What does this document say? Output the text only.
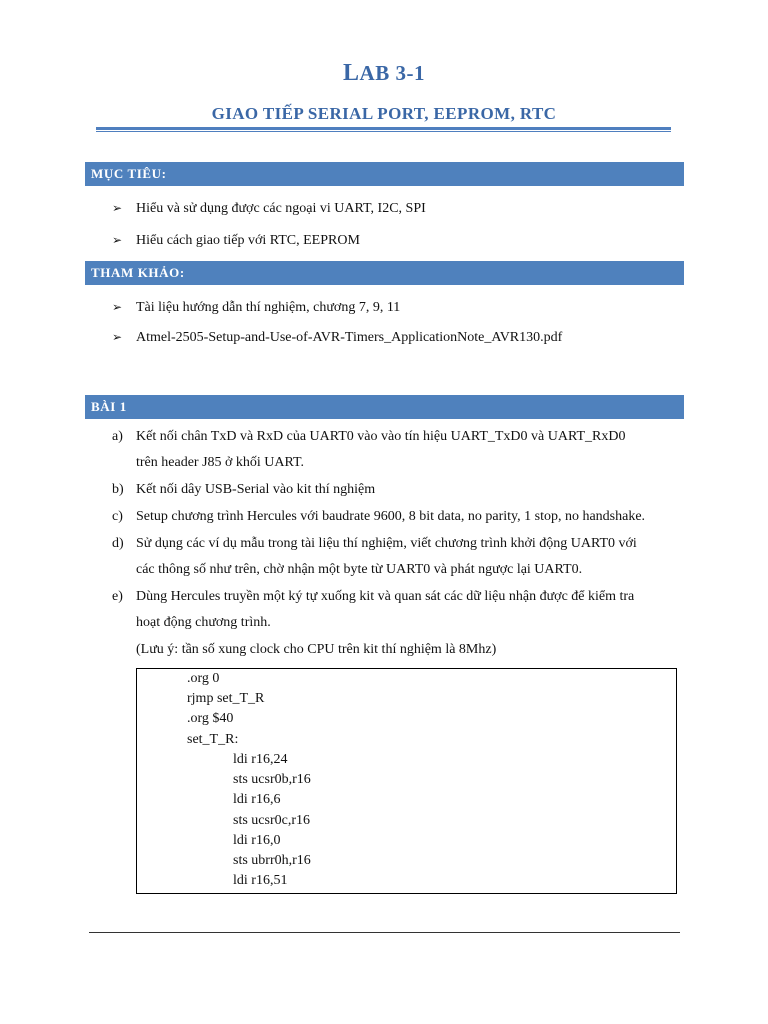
LAB 3-1
GIAO TIẾP SERIAL PORT, EEPROM, RTC
MỤC TIÊU:
➢ Hiểu và sử dụng được các ngoại vi UART, I2C, SPI
➢ Hiểu cách giao tiếp với RTC, EEPROM
THAM KHẢO:
➢ Tài liệu hướng dẫn thí nghiệm, chương 7, 9, 11
➢ Atmel-2505-Setup-and-Use-of-AVR-Timers_ApplicationNote_AVR130.pdf
BÀI 1
a) Kết nối chân TxD và RxD của UART0 vào vào tín hiệu UART_TxD0 và UART_RxD0
trên header J85 ở khối UART.
b) Kết nối dây USB-Serial vào kit thí nghiệm
c) Setup chương trình Hercules với baudrate 9600, 8 bit data, no parity, 1 stop, no handshake.
d) Sử dụng các ví dụ mẫu trong tài liệu thí nghiệm, viết chương trình khởi động UART0 với
các thông số như trên, chờ nhận một byte từ UART0 và phát ngược lại UART0.
e) Dùng Hercules truyền một ký tự xuống kit và quan sát các dữ liệu nhận được để kiểm tra
hoạt động chương trình.
(Lưu ý: tần số xung clock cho CPU trên kit thí nghiệm là 8Mhz)
.org 0
rjmp set_T_R
.org $40
set_T_R:
ldi r16,24
sts ucsr0b,r16
ldi r16,6
sts ucsr0c,r16
ldi r16,0
sts ubrr0h,r16
ldi r16,51
